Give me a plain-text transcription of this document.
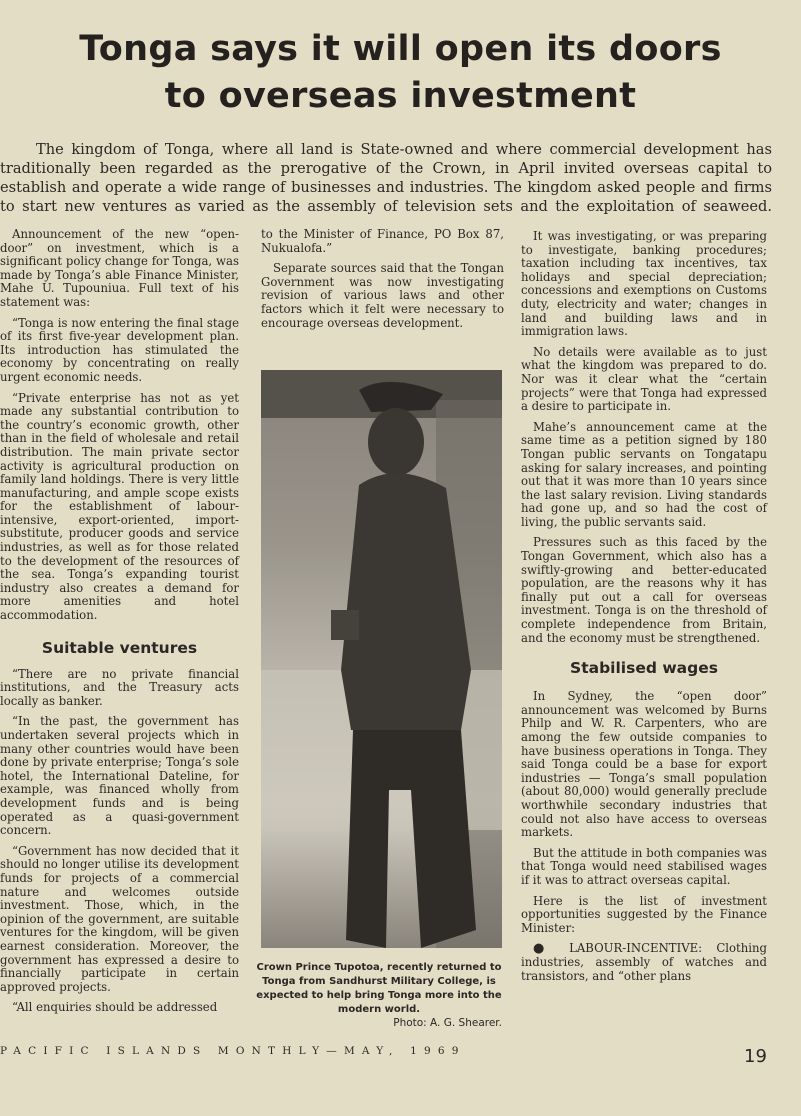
Tonga says it will open its doors
to overseas investment

The kingdom of Tonga, where all land is State-owned and where commercial development has traditionally been regarded as the prerogative of the Crown, in April invited overseas capital to establish and operate a wide range of businesses and industries. The kingdom asked people and firms to start new ventures as varied as the assembly of television sets and the exploitation of seaweed.

Announcement of the new “open-door” on investment, which is a significant policy change for Tonga, was made by Tonga’s able Finance Minister, Mahe U. Tupouniua. Full text of his statement was:

“Tonga is now entering the final stage of its first five-year development plan. Its introduction has stimulated the economy by concentrating on really urgent economic needs.

“Private enterprise has not as yet made any substantial contribution to the country’s economic growth, other than in the field of wholesale and retail distribution. The main private sector activity is agricultural production on family land holdings. There is very little manufacturing, and ample scope exists for the establishment of labour-intensive, export-oriented, import-substitute, producer goods and service industries, as well as for those related to the development of the resources of the sea. Tonga’s expanding tourist industry also creates a demand for more amenities and hotel accommodation.

Suitable ventures

“There are no private financial institutions, and the Treasury acts locally as banker.

“In the past, the government has undertaken several projects which in many other countries would have been done by private enterprise; Tonga’s sole hotel, the International Dateline, for example, was financed wholly from development funds and is being operated as a quasi-government concern.

“Government has now decided that it should no longer utilise its development funds for projects of a commercial nature and welcomes outside investment. Those, which, in the opinion of the government, are suitable ventures for the kingdom, will be given earnest consideration. Moreover, the government has expressed a desire to financially participate in certain approved projects.

“All enquiries should be addressed

to the Minister of Finance, PO Box 87, Nukualofa.”

Separate sources said that the Tongan Government was now investigating revision of various laws and other factors which it felt were necessary to encourage overseas development.

Crown Prince Tupotoa, recently returned to Tonga from Sandhurst Military College, is expected to help bring Tonga more into the modern world.

Photo: A. G. Shearer.

It was investigating, or was preparing to investigate, banking procedures; taxation including tax incentives, tax holidays and special depreciation; concessions and exemptions on Customs duty, electricity and water; changes in land and building laws and in immigration laws.

No details were available as to just what the kingdom was prepared to do. Nor was it clear what the “certain projects” were that Tonga had expressed a desire to participate in.

Mahe’s announcement came at the same time as a petition signed by 180 Tongan public servants on Tongatapu asking for salary increases, and pointing out that it was more than 10 years since the last salary revision. Living standards had gone up, and so had the cost of living, the public servants said.

Pressures such as this faced by the Tongan Government, which also has a swiftly-growing and better-educated population, are the reasons why it has finally put out a call for overseas investment. Tonga is on the threshold of complete independence from Britain, and the economy must be strengthened.

Stabilised wages

In Sydney, the “open door” announcement was welcomed by Burns Philp and W. R. Carpenters, who are among the few outside companies to have business operations in Tonga. They said Tonga could be a base for export industries — Tonga’s small population (about 80,000) would generally preclude worthwhile secondary industries that could not also have access to overseas markets.

But the attitude in both companies was that Tonga would need stabilised wages if it was to attract overseas capital.

Here is the list of investment opportunities suggested by the Finance Minister:

● LABOUR-INCENTIVE: Clothing industries, assembly of watches and transistors, and “other plans

PACIFIC ISLANDS MONTHLY—MAY, 1969	19
